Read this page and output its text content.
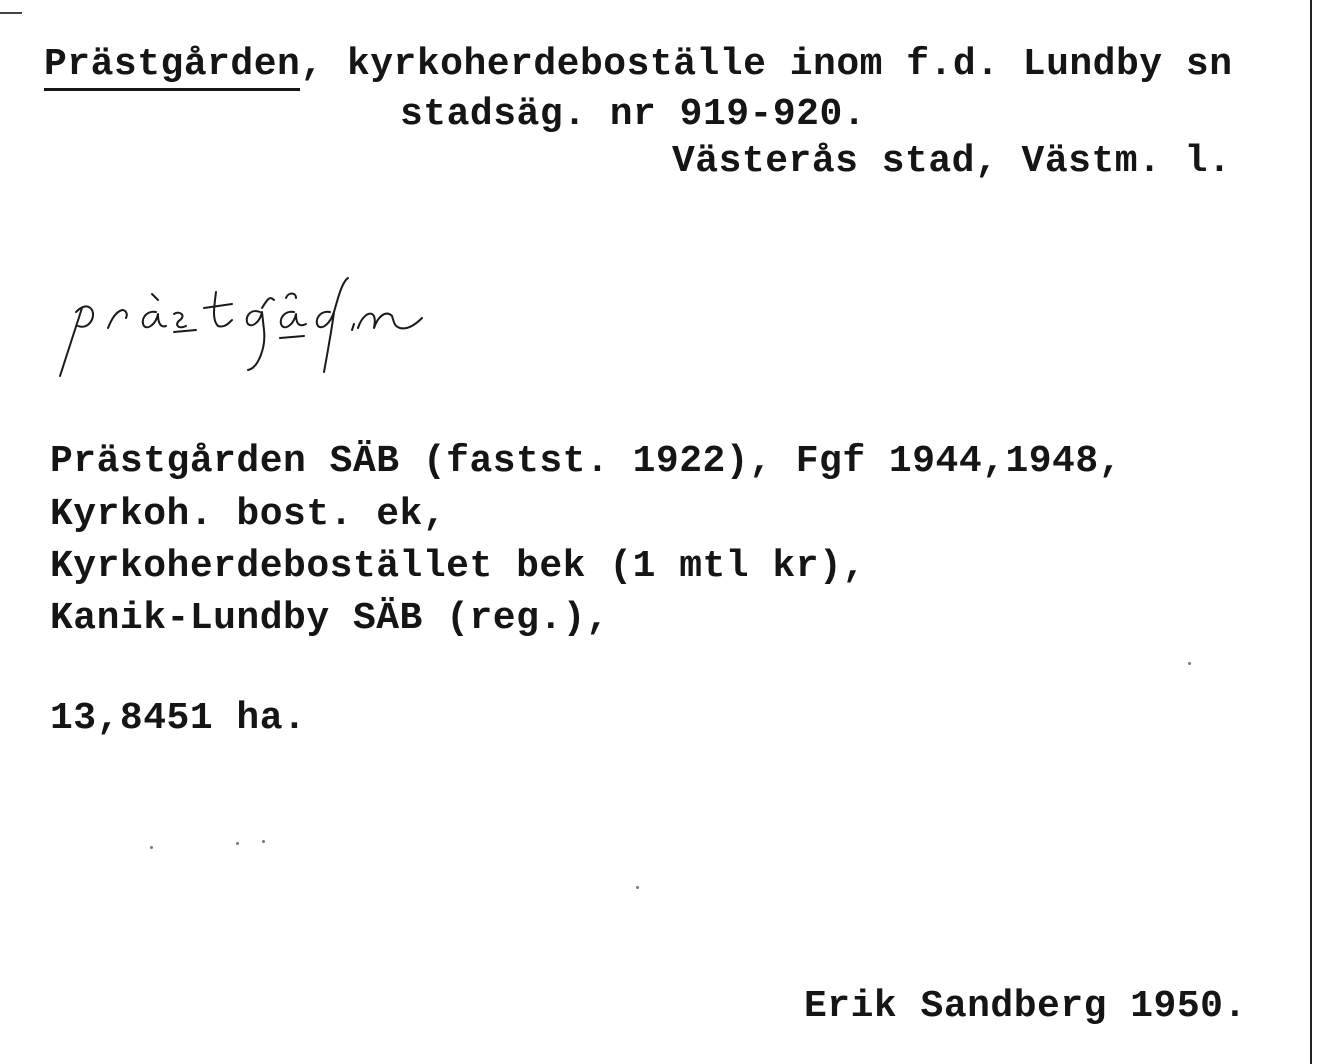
Prästgården, kyrkoherdeboställe inom f.d. Lundby sn
stadsäg. nr 919-920.
Västerås stad, Västm. l.
Prästgården SÄB (fastst. 1922), Fgf 1944,1948,
Kyrkoh. bost. ek,
Kyrkoherdebostället bek (1 mtl kr),
Kanik-Lundby SÄB (reg.),
13,8451 ha.
Erik Sandberg 1950.
